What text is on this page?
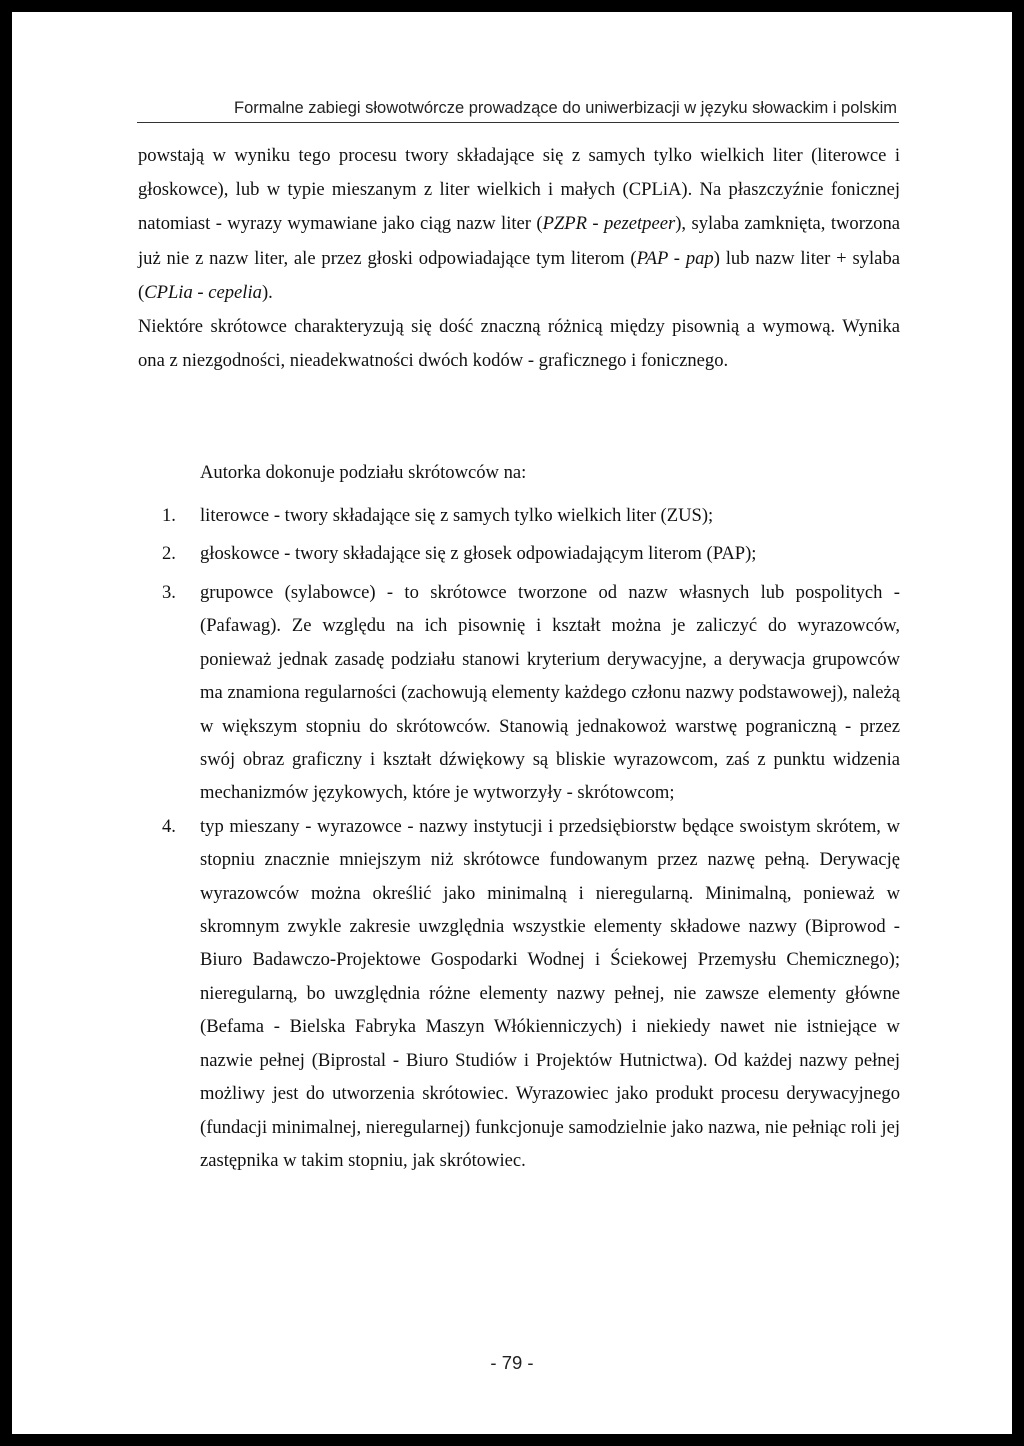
Formalne zabiegi słowotwórcze prowadzące do uniwerbizacji w języku słowackim i polskim

powstają w wyniku tego procesu twory składające się z samych tylko wielkich liter (literowce i głoskowce), lub w typie mieszanym z liter wielkich i małych (CPLiA). Na płaszczyźnie fonicznej natomiast - wyrazy wymawiane jako ciąg nazw liter (PZPR - pezetpeer), sylaba zamknięta, tworzona już nie z nazw liter, ale przez głoski odpowiadające tym literom (PAP - pap) lub nazw liter + sylaba (CPLia - cepelia).

Niektóre skrótowce charakteryzują się dość znaczną różnicą między pisownią a wymową. Wynika ona z niezgodności, nieadekwatności dwóch kodów - graficznego i fonicznego.

Autorka dokonuje podziału skrótowców na:
1. literowce - twory składające się z samych tylko wielkich liter (ZUS);
2. głoskowce - twory składające się z głosek odpowiadającym literom (PAP);
3. grupowce (sylabowce) - to skrótowce tworzone od nazw własnych lub pospolitych - (Pafawag). Ze względu na ich pisownię i kształt można je zaliczyć do wyrazowców, ponieważ jednak zasadę podziału stanowi kryterium derywacyjne, a derywacja grupowców ma znamiona regularności (zachowują elementy każdego członu nazwy podstawowej), należą w większym stopniu do skrótowców. Stanowią jednakowoż warstwę pograniczną - przez swój obraz graficzny i kształt dźwiękowy są bliskie wyrazowcom, zaś z punktu widzenia mechanizmów językowych, które je wytworzyły - skrótowcom;
4. typ mieszany - wyrazowce - nazwy instytucji i przedsiębiorstw będące swoistym skrótem, w stopniu znacznie mniejszym niż skrótowce fundowanym przez nazwę pełną. Derywację wyrazowców można określić jako minimalną i nieregularną. Minimalną, ponieważ w skromnym zwykle zakresie uwzględnia wszystkie elementy składowe nazwy (Biprowod - Biuro Badawczo-Projektowe Gospodarki Wodnej i Ściekowej Przemysłu Chemicznego); nieregularną, bo uwzględnia różne elementy nazwy pełnej, nie zawsze elementy główne (Befama - Bielska Fabryka Maszyn Włókienniczych) i niekiedy nawet nie istniejące w nazwie pełnej (Biprostal - Biuro Studiów i Projektów Hutnictwa). Od każdej nazwy pełnej możliwy jest do utworzenia skrótowiec. Wyrazowiec jako produkt procesu derywacyjnego (fundacji minimalnej, nieregularnej) funkcjonuje samodzielnie jako nazwa, nie pełniąc roli jej zastępnika w takim stopniu, jak skrótowiec.
- 79 -
